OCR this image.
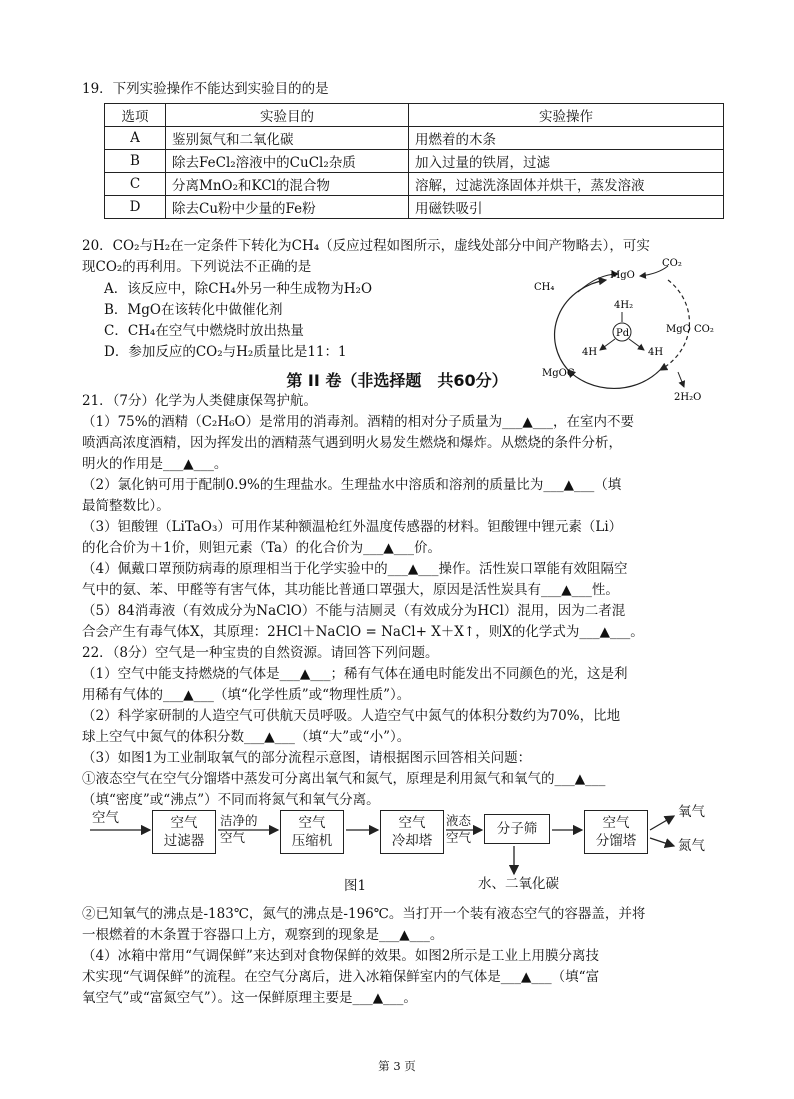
19．下列实验操作不能达到实验目的的是
选项	实验目的	实验操作
A	鉴别氮气和二氧化碳	用燃着的木条
B	除去FeCl₂溶液中的CuCl₂杂质	加入过量的铁屑，过滤
C	分离MnO₂和KCl的混合物	溶解，过滤洗涤固体并烘干，蒸发溶液
D	除去Cu粉中少量的Fe粉	用磁铁吸引
20．CO₂与H₂在一定条件下转化为CH₄（反应过程如图所示，虚线处部分中间产物略去），可实
现CO₂的再利用。下列说法不正确的是
A．该反应中，除CH₄外另一种生成物为H₂O
B．MgO在该转化中做催化剂
C．CH₄在空气中燃烧时放出热量
D．参加反应的CO₂与H₂质量比是11：1
CH₄
MgO
CO₂
4H₂
Pd	MgO CO₂
4H	4H
MgOC
2H₂O
第 II 卷（非选择题　共60分）
21．（7分）化学为人类健康保驾护航。
（1）75%的酒精（C₂H₆O）是常用的消毒剂。酒精的相对分子质量为___▲___，在室内不要
喷洒高浓度酒精，因为挥发出的酒精蒸气遇到明火易发生燃烧和爆炸。从燃烧的条件分析，
明火的作用是___▲___。
（2）氯化钠可用于配制0.9%的生理盐水。生理盐水中溶质和溶剂的质量比为___▲___（填
最简整数比）。
（3）钽酸锂（LiTaO₃）可用作某种额温枪红外温度传感器的材料。钽酸锂中锂元素（Li）
的化合价为＋1价，则钽元素（Ta）的化合价为___▲___价。
（4）佩戴口罩预防病毒的原理相当于化学实验中的___▲___操作。活性炭口罩能有效阻隔空
气中的氨、苯、甲醛等有害气体，其功能比普通口罩强大，原因是活性炭具有___▲___性。
（5）84消毒液（有效成分为NaClO）不能与洁厕灵（有效成分为HCl）混用，因为二者混
合会产生有毒气体X，其原理：2HCl＋NaClO = NaCl+ X＋X↑，则X的化学式为___▲___。
22．（8分）空气是一种宝贵的自然资源。请回答下列问题。
（1）空气中能支持燃烧的气体是___▲___；稀有气体在通电时能发出不同颜色的光，这是利
用稀有气体的___▲___（填“化学性质”或“物理性质”）。
（2）科学家研制的人造空气可供航天员呼吸。人造空气中氮气的体积分数约为70%，比地
球上空气中氮气的体积分数___▲___（填“大”或“小”）。
（3）如图1为工业制取氧气的部分流程示意图，请根据图示回答相关问题：
①液态空气在空气分馏塔中蒸发可分离出氧气和氮气，原理是利用氮气和氧气的___▲___
（填“密度”或“沸点”）不同而将氮气和氧气分离。
空气	空气
过滤器
洁净的
空气
空气
压缩机
空气
冷却塔
液态
空气
分子筛	空气
分馏塔
氧气
氮气
水、二氧化碳
图1
②已知氧气的沸点是-183℃，氮气的沸点是-196℃。当打开一个装有液态空气的容器盖，并将
一根燃着的木条置于容器口上方，观察到的现象是___▲___。
（4）冰箱中常用“气调保鲜”来达到对食物保鲜的效果。如图2所示是工业上用膜分离技
术实现“气调保鲜”的流程。在空气分离后，进入冰箱保鲜室内的气体是___▲___（填“富
氧空气”或“富氮空气”）。这一保鲜原理主要是___▲___。
第 3 页
